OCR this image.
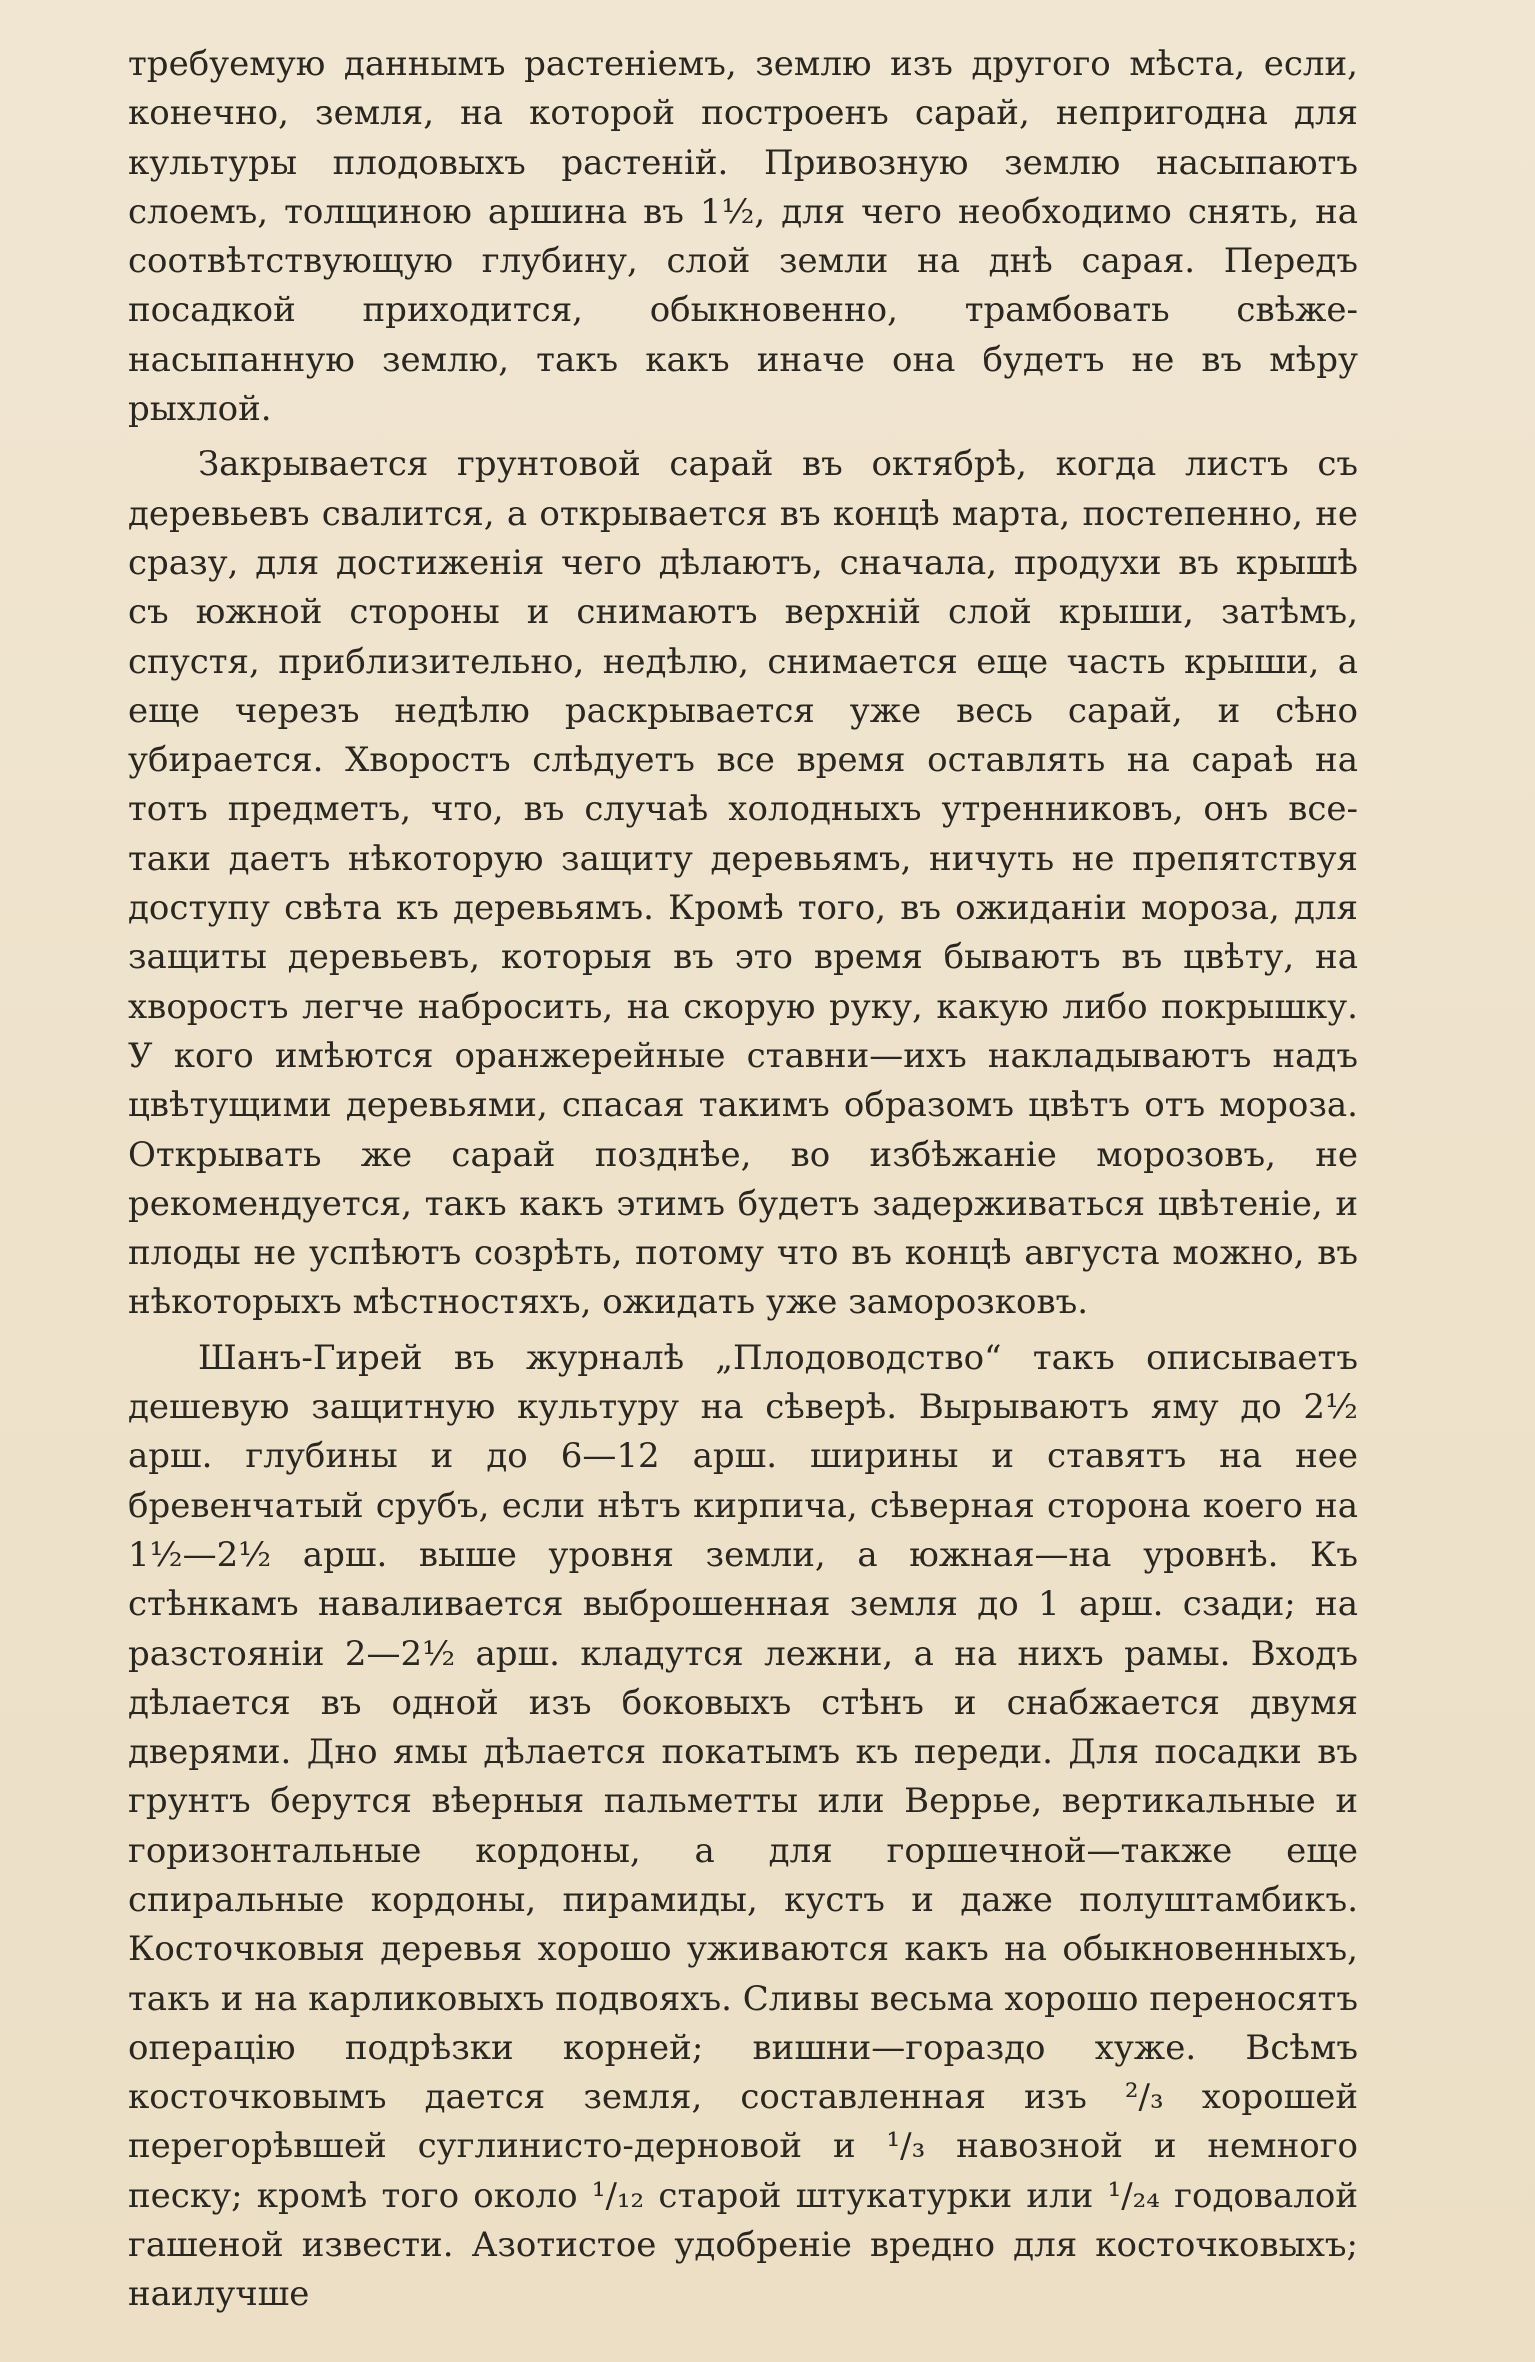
требуемую даннымъ растенiемъ, землю изъ другого мѣста, если, конечно, земля, на которой построенъ сарай, непригодна для культуры плодовыхъ растенiй. Привозную землю насыпаютъ слоемъ, толщиною аршина въ 1½, для чего необходимо снять, на соотвѣтствующую глубину, слой земли на днѣ сарая. Передъ посадкой приходится, обыкновенно, трамбовать свѣже-насыпанную землю, такъ какъ иначе она будетъ не въ мѣру рыхлой.

Закрывается грунтовой сарай въ октябрѣ, когда листъ съ деревьевъ свалится, а открывается въ концѣ марта, постепенно, не сразу, для достиженiя чего дѣлаютъ, сначала, продухи въ крышѣ съ южной стороны и снимаютъ верхнiй слой крыши, затѣмъ, спустя, приблизительно, недѣлю, снимается еще часть крыши, а еще черезъ недѣлю раскрывается уже весь сарай, и сѣно убирается. Хворостъ слѣдуетъ все время оставлять на сараѣ на тотъ предметъ, что, въ случаѣ холодныхъ утренниковъ, онъ все-таки даетъ нѣкоторую защиту деревьямъ, ничуть не препятствуя доступу свѣта къ деревьямъ. Кромѣ того, въ ожиданiи мороза, для защиты деревьевъ, которыя въ это время бываютъ въ цвѣту, на хворостъ легче набросить, на скорую руку, какую либо покрышку. У кого имѣются оранжерейные ставни—ихъ накладываютъ надъ цвѣтущими деревьями, спасая такимъ образомъ цвѣтъ отъ мороза. Открывать же сарай позднѣе, во избѣжанiе морозовъ, не рекомендуется, такъ какъ этимъ будетъ задерживаться цвѣтенiе, и плоды не успѣютъ созрѣть, потому что въ концѣ августа можно, въ нѣкоторыхъ мѣстностяхъ, ожидать уже заморозковъ.

Шанъ-Гирей въ журналѣ „Плодоводство“ такъ описываетъ дешевую защитную культуру на сѣверѣ. Вырываютъ яму до 2½ арш. глубины и до 6—12 арш. ширины и ставятъ на нее бревенчатый срубъ, если нѣтъ кирпича, сѣверная сторона коего на 1½—2½ арш. выше уровня земли, а южная—на уровнѣ. Къ стѣнкамъ наваливается выброшенная земля до 1 арш. сзади; на разстоянiи 2—2½ арш. кладутся лежни, а на нихъ рамы. Входъ дѣлается въ одной изъ боковыхъ стѣнъ и снабжается двумя дверями. Дно ямы дѣлается покатымъ къ переди. Для посадки въ грунтъ берутся вѣерныя пальметты или Веррье, вертикальные и горизонтальные кордоны, а для горшечной—также еще спиральные кордоны, пирамиды, кустъ и даже полуштамбикъ. Косточковыя деревья хорошо уживаются какъ на обыкновенныхъ, такъ и на карликовыхъ подвояхъ. Сливы весьма хорошо переносятъ операцiю подрѣзки корней; вишни—гораздо хуже. Всѣмъ косточковымъ дается земля, составленная изъ ²/₃ хорошей перегорѣвшей суглинисто-дерновой и ¹/₃ навозной и немного песку; кромѣ того около ¹/₁₂ старой штукатурки или ¹/₂₄ годовалой гашеной извести. Азотистое удобренiе вредно для косточковыхъ; наилучше
